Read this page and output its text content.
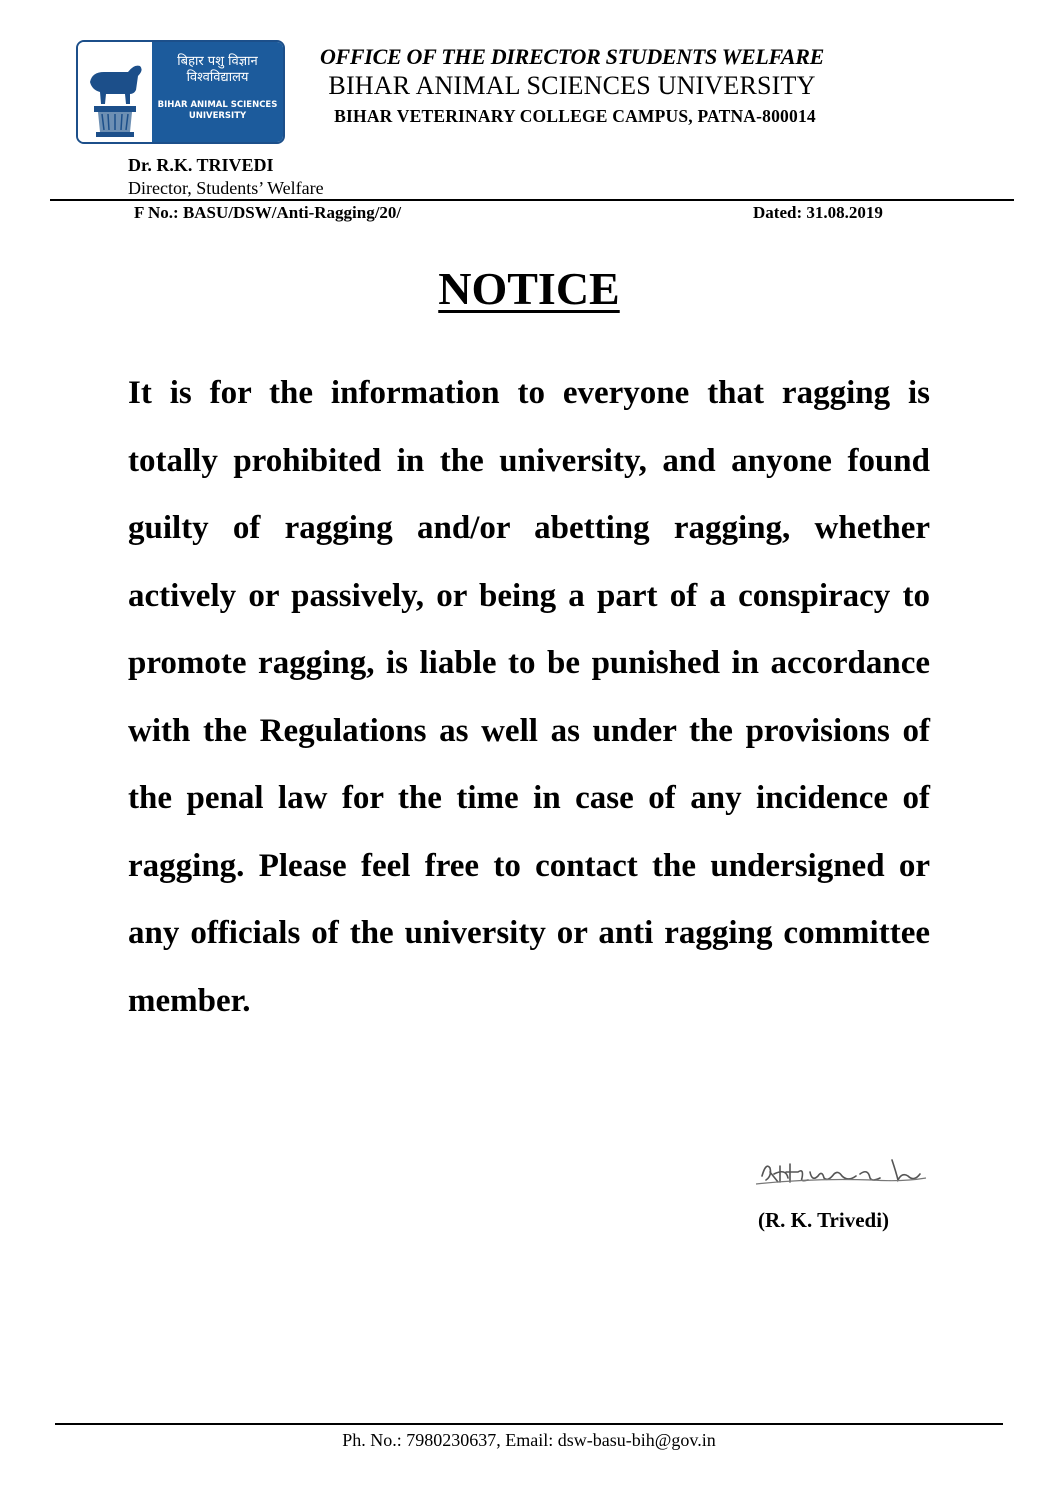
बिहार पशु विज्ञान
विश्वविद्यालय
BIHAR ANIMAL SCIENCES
UNIVERSITY
OFFICE OF THE DIRECTOR STUDENTS WELFARE
BIHAR ANIMAL SCIENCES UNIVERSITY
BIHAR VETERINARY COLLEGE CAMPUS, PATNA-800014
Dr. R.K. TRIVEDI
Director, Students’ Welfare
F No.: BASU/DSW/Anti-Ragging/20/	Dated: 31.08.2019
NOTICE

It is for the information to everyone that ragging is totally prohibited in the university, and anyone found guilty of ragging and/or abetting ragging, whether actively or passively, or being a part of a conspiracy to promote ragging, is liable to be punished in accordance with the Regulations as well as under the provisions of the penal law for the time in case of any incidence of ragging. Please feel free to contact the undersigned or any officials of the university or anti ragging committee member.

(R. K. Trivedi)
Ph. No.: 7980230637, Email: dsw-basu-bih@gov.in
